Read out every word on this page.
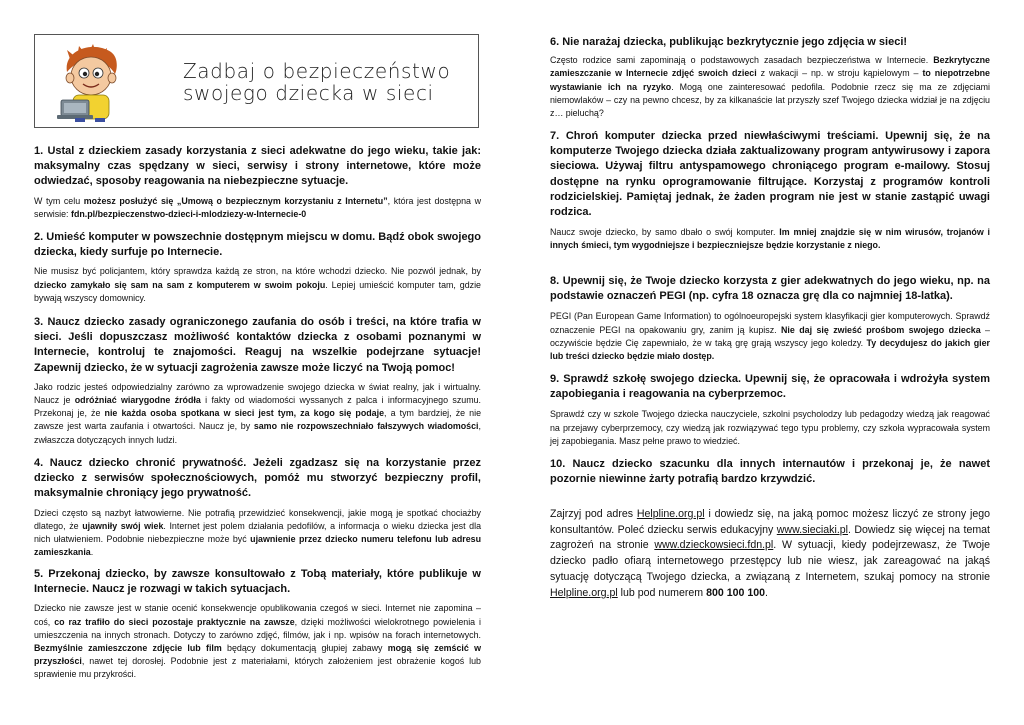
Zadbaj o bezpieczeństwo
swojego dziecka w sieci

1. Ustal z dzieckiem zasady korzystania z sieci adekwatne do jego wieku, takie jak: maksymalny czas spędzany w sieci, serwisy i strony internetowe, które może odwiedzać, sposoby reagowania na niebezpieczne sytuacje.

W tym celu możesz posłużyć się „Umową o bezpiecznym korzystaniu z Internetu”, która jest dostępna w serwisie: fdn.pl/bezpieczenstwo-dzieci-i-mlodziezy-w-Internecie-0

2. Umieść komputer w powszechnie dostępnym miejscu w domu. Bądź obok swojego dziecka, kiedy surfuje po Internecie.

Nie musisz być policjantem, który sprawdza każdą ze stron, na które wchodzi dziecko. Nie pozwól jednak, by dziecko zamykało się sam na sam z komputerem w swoim pokoju. Lepiej umieścić komputer tam, gdzie bywają wszyscy domownicy.

3. Naucz dziecko zasady ograniczonego zaufania do osób i treści, na które trafia w sieci. Jeśli dopuszczasz możliwość kontaktów dziecka z osobami poznanymi w Internecie, kontroluj te znajomości. Reaguj na wszelkie podejrzane sytuacje! Zapewnij dziecko, że w sytuacji zagrożenia zawsze może liczyć na Twoją pomoc!

Jako rodzic jesteś odpowiedzialny zarówno za wprowadzenie swojego dziecka w świat realny, jak i wirtualny. Naucz je odróżniać wiarygodne źródła i fakty od wiadomości wyssanych z palca i informacyjnego szumu. Przekonaj je, że nie każda osoba spotkana w sieci jest tym, za kogo się podaje, a tym bardziej, że nie zawsze jest warta zaufania i otwartości. Naucz je, by samo nie rozpowszechniało fałszywych wiadomości, zwłaszcza dotyczących innych ludzi.

4. Naucz dziecko chronić prywatność. Jeżeli zgadzasz się na korzystanie przez dziecko z serwisów społecznościowych, pomóż mu stworzyć bezpieczny profil, maksymalnie chroniący jego prywatność.

Dzieci często są nazbyt łatwowierne. Nie potrafią przewidzieć konsekwencji, jakie mogą je spotkać chociażby dlatego, że ujawniły swój wiek. Internet jest polem działania pedofilów, a informacja o wieku dziecka jest dla nich ułatwieniem. Podobnie niebezpieczne może być ujawnienie przez dziecko numeru telefonu lub adresu zamieszkania.

5. Przekonaj dziecko, by zawsze konsultowało z Tobą materiały, które publikuje w Internecie. Naucz je rozwagi w takich sytuacjach.

Dziecko nie zawsze jest w stanie ocenić konsekwencje opublikowania czegoś w sieci. Internet nie zapomina – coś, co raz trafiło do sieci pozostaje praktycznie na zawsze, dzięki możliwości wielokrotnego powielenia i umieszczenia na innych stronach. Dotyczy to zarówno zdjęć, filmów, jak i np. wpisów na forach internetowych. Bezmyślnie zamieszczone zdjęcie lub film będący dokumentacją głupiej zabawy mogą się zemścić w przyszłości, nawet tej dorosłej. Podobnie jest z materiałami, których założeniem jest obrażenie kogoś lub sprawienie mu przykrości.

6. Nie narażaj dziecka, publikując bezkrytycznie jego zdjęcia w sieci!

Często rodzice sami zapominają o podstawowych zasadach bezpieczeństwa w Internecie. Bezkrytyczne zamieszczanie w Internecie zdjęć swoich dzieci z wakacji – np. w stroju kąpielowym – to niepotrzebne wystawianie ich na ryzyko. Mogą one zainteresować pedofila. Podobnie rzecz się ma ze zdjęciami niemowlaków – czy na pewno chcesz, by za kilkanaście lat przyszły szef Twojego dziecka widział je na zdjęciu z… pieluchą?

7. Chroń komputer dziecka przed niewłaściwymi treściami. Upewnij się, że na komputerze Twojego dziecka działa zaktualizowany program antywirusowy i zapora sieciowa. Używaj filtru antyspamowego chroniącego program e-mailowy. Stosuj dostępne na rynku oprogramowanie filtrujące. Korzystaj z programów kontroli rodzicielskiej. Pamiętaj jednak, że żaden program nie jest w stanie zastąpić uwagi rodzica.

Naucz swoje dziecko, by samo dbało o swój komputer. Im mniej znajdzie się w nim wirusów, trojanów i innych śmieci, tym wygodniejsze i bezpieczniejsze będzie korzystanie z niego.

8. Upewnij się, że Twoje dziecko korzysta z gier adekwatnych do jego wieku, np. na podstawie oznaczeń PEGI (np. cyfra 18 oznacza grę dla co najmniej 18-latka).

PEGI (Pan European Game Information) to ogólnoeuropejski system klasyfikacji gier komputerowych. Sprawdź oznaczenie PEGI na opakowaniu gry, zanim ją kupisz. Nie daj się zwieść prośbom swojego dziecka – oczywiście będzie Cię zapewniało, że w taką grę grają wszyscy jego koledzy. Ty decydujesz do jakich gier lub treści dziecko będzie miało dostęp.

9. Sprawdź szkołę swojego dziecka. Upewnij się, że opracowała i wdrożyła system zapobiegania i reagowania na cyberprzemoc.

Sprawdź czy w szkole Twojego dziecka nauczyciele, szkolni psycholodzy lub pedagodzy wiedzą jak reagować na przejawy cyberprzemocy, czy wiedzą jak rozwiązywać tego typu problemy, czy szkoła wypracowała system jej zapobiegania. Masz pełne prawo to wiedzieć.

10. Naucz dziecko szacunku dla innych internautów i przekonaj je, że nawet pozornie niewinne żarty potrafią bardzo krzywdzić.

Zajrzyj pod adres Helpline.org.pl i dowiedz się, na jaką pomoc możesz liczyć ze strony jego konsultantów. Poleć dziecku serwis edukacyjny www.sieciaki.pl. Dowiedz się więcej na temat zagrożeń na stronie www.dzieckowsieci.fdn.pl. W sytuacji, kiedy podejrzewasz, że Twoje dziecko padło ofiarą internetowego przestępcy lub nie wiesz, jak zareagować na jakąś sytuację dotyczącą Twojego dziecka, a związaną z Internetem, szukaj pomocy na stronie Helpline.org.pl lub pod numerem 800 100 100.
